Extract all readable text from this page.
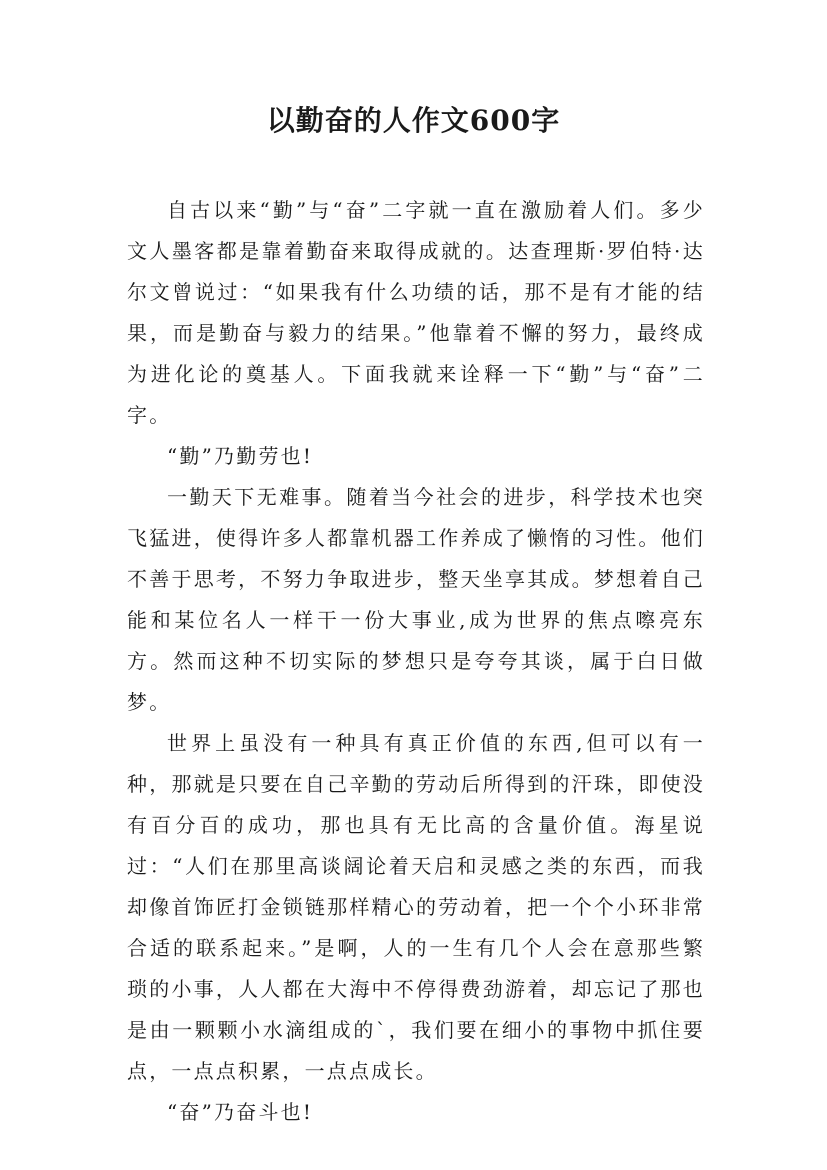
以勤奋的人作文600字

自古以来“勤”与“奋”二字就一直在激励着人们。多少文人墨客都是靠着勤奋来取得成就的。达查理斯·罗伯特·达尔文曾说过：“如果我有什么功绩的话，那不是有才能的结果，而是勤奋与毅力的结果。”他靠着不懈的努力，最终成为进化论的奠基人。下面我就来诠释一下“勤”与“奋”二字。

“勤”乃勤劳也!

一勤天下无难事。随着当今社会的进步，科学技术也突飞猛进，使得许多人都靠机器工作养成了懒惰的习性。他们不善于思考，不努力争取进步，整天坐享其成。梦想着自己能和某位名人一样干一份大事业,成为世界的焦点嚓亮东方。然而这种不切实际的梦想只是夸夸其谈，属于白日做梦。

世界上虽没有一种具有真正价值的东西,但可以有一种，那就是只要在自己辛勤的劳动后所得到的汗珠，即使没有百分百的成功，那也具有无比高的含量价值。海星说过：“人们在那里高谈阔论着天启和灵感之类的东西，而我却像首饰匠打金锁链那样精心的劳动着，把一个个小环非常合适的联系起来。”是啊，人的一生有几个人会在意那些繁琐的小事，人人都在大海中不停得费劲游着，却忘记了那也是由一颗颗小水滴组成的`，我们要在细小的事物中抓住要点，一点点积累，一点点成长。

“奋”乃奋斗也!
